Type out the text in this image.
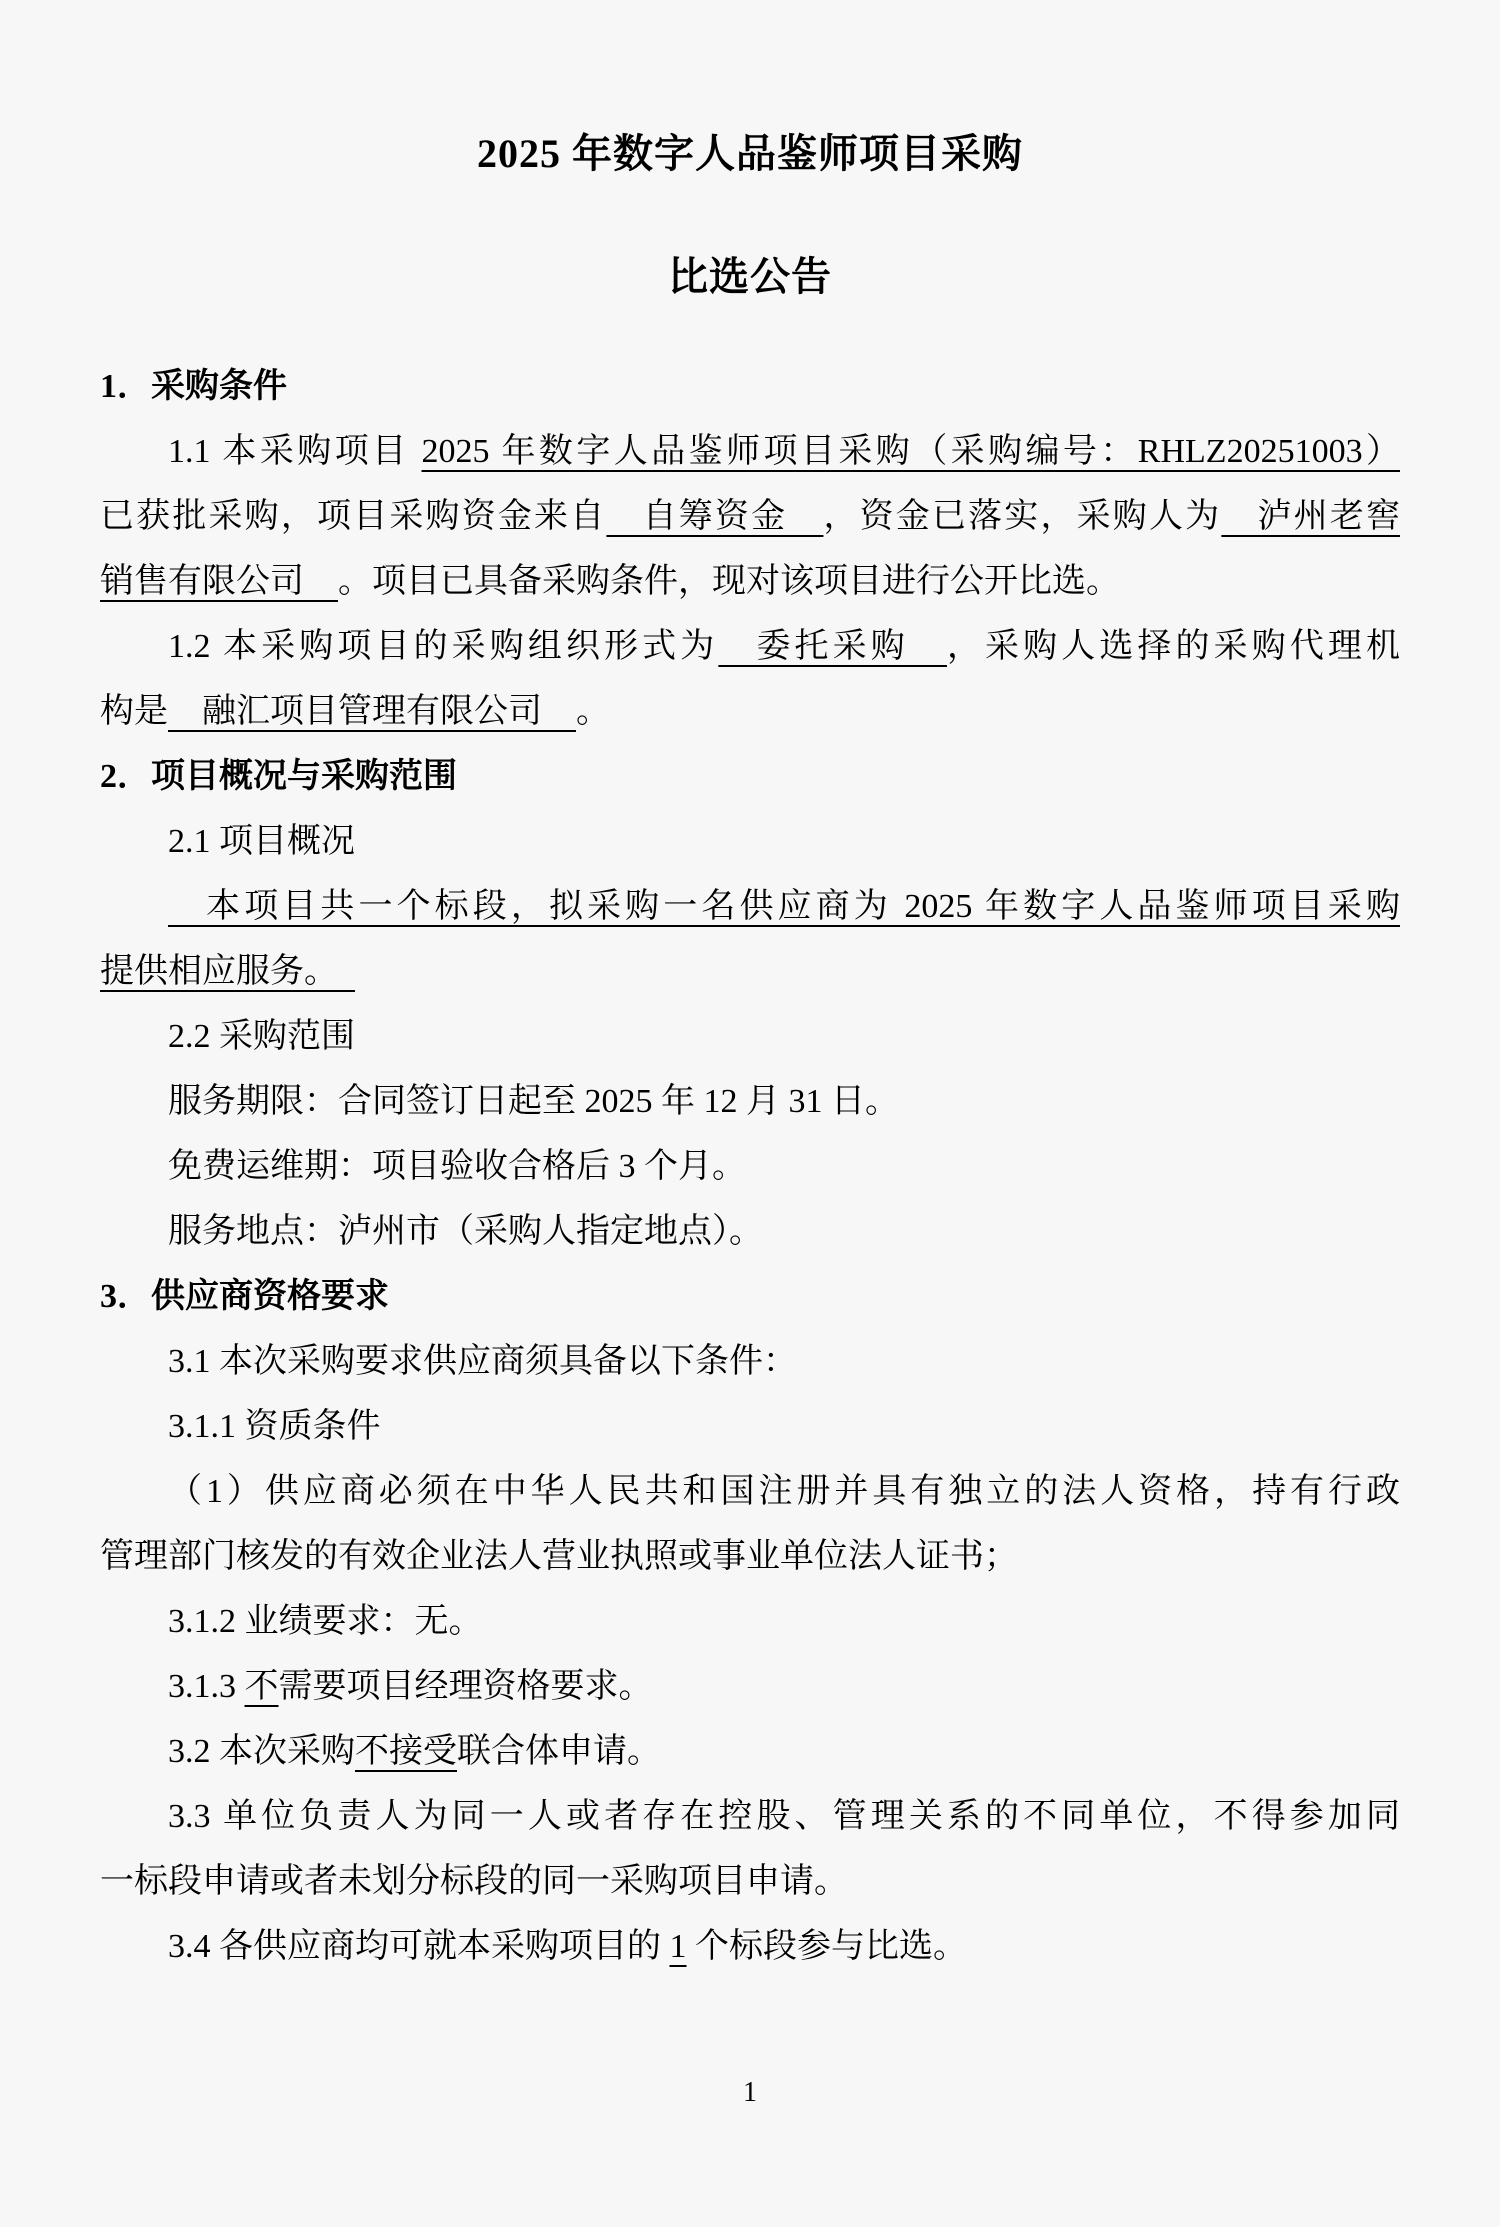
2025 年数字人品鉴师项目采购
比选公告
1．采购条件
1.1 本采购项目 2025 年数字人品鉴师项目采购（采购编号：RHLZ20251003）
已获批采购，项目采购资金来自　自筹资金　，资金已落实，采购人为　泸州老窖
销售有限公司　。项目已具备采购条件，现对该项目进行公开比选。
1.2 本采购项目的采购组织形式为　委托采购　，采购人选择的采购代理机
构是　融汇项目管理有限公司　。
2．项目概况与采购范围
2.1 项目概况
　本项目共一个标段，拟采购一名供应商为 2025 年数字人品鉴师项目采购
提供相应服务。　
2.2 采购范围
服务期限：合同签订日起至 2025 年 12 月 31 日。
免费运维期：项目验收合格后 3 个月。
服务地点：泸州市（采购人指定地点）。
3．供应商资格要求
3.1 本次采购要求供应商须具备以下条件：
3.1.1 资质条件
（1）供应商必须在中华人民共和国注册并具有独立的法人资格，持有行政
管理部门核发的有效企业法人营业执照或事业单位法人证书；
3.1.2 业绩要求：无。
3.1.3 不需要项目经理资格要求。
3.2 本次采购不接受联合体申请。
3.3 单位负责人为同一人或者存在控股、管理关系的不同单位，不得参加同
一标段申请或者未划分标段的同一采购项目申请。
3.4 各供应商均可就本采购项目的 1 个标段参与比选。
1
